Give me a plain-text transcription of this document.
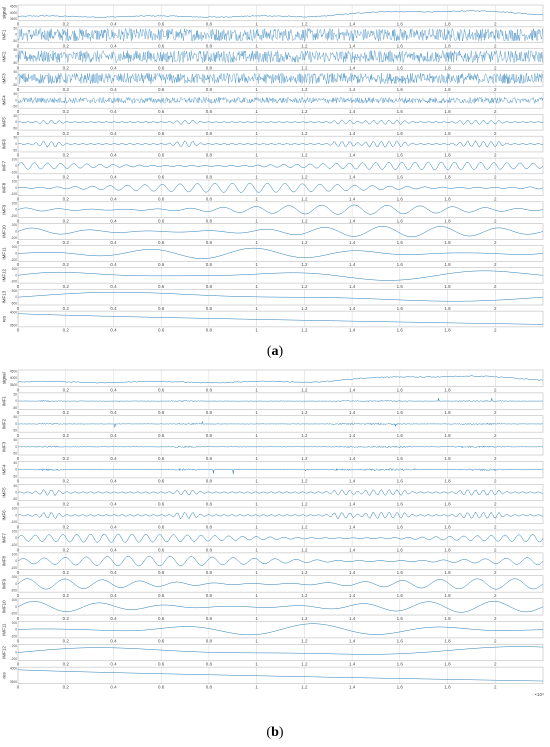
signal
4500
4000
3500
0	0.2	0.4	0.6	0.8	1	1.2	1.4	1.6	1.8	2
IMF1
50
0
-50
0	0.2	0.4	0.6	0.8	1	1.2	1.4	1.6	1.8	2
IMF2
50
0
-50
0	0.2	0.4	0.6	0.8	1	1.2	1.4	1.6	1.8	2
IMF3
50
0
-50
0	0.2	0.4	0.6	0.8	1	1.2	1.4	1.6	1.8	2
IMF4
50
0
-50
0	0.2	0.4	0.6	0.8	1	1.2	1.4	1.6	1.8	2
IMF5
50
0
-50
0	0.2	0.4	0.6	0.8	1	1.2	1.4	1.6	1.8	2
IMF6
50
0
-50
0	0.2	0.4	0.6	0.8	1	1.2	1.4	1.6	1.8	2
IMF7
100
0
-100
0	0.2	0.4	0.6	0.8	1	1.2	1.4	1.6	1.8	2
IMF8
100
0
-100
0	0.2	0.4	0.6	0.8	1	1.2	1.4	1.6	1.8	2
IMF9
200
0
-200
0	0.2	0.4	0.6	0.8	1	1.2	1.4	1.6	1.8	2
IMF10 200
0
-200
0	0.2	0.4	0.6	0.8	1	1.2	1.4	1.6	1.8	2
IMF11
200
0
-200
0	0.2	0.4	0.6	0.8	1	1.2	1.4	1.6	1.8	2
IMF12 200
0
-200
0	0.2	0.4	0.6	0.8	1	1.2	1.4	1.6	1.8	2
IMF13 500
0
-500
0	0.2	0.4	0.6	0.8	1	1.2	1.4	1.6	1.8	2
res
4000
3500
0	0.2	0.4	0.6	0.8	1	1.2	1.4	1.6	1.8	2
signal
4500
4000
3500
0	0.2	0.4	0.6	0.8	1	1.2	1.4	1.6	1.8	2
IMF1
50
0
-50
0	0.2	0.4	0.6	0.8	1	1.2	1.4	1.6	1.8	2
IMF2
50
0
-50
0	0.2	0.4	0.6	0.8	1	1.2	1.4	1.6	1.8	2
IMF3
50
0
-50
0	0.2	0.4	0.6	0.8	1	1.2	1.4	1.6	1.8	2
IMF4
50
0
-50
0	0.2	0.4	0.6	0.8	1	1.2	1.4	1.6	1.8	2
IMF5
50
0
-50
0	0.2	0.4	0.6	0.8	1	1.2	1.4	1.6	1.8	2
IMF6
100
0
-100
0	0.2	0.4	0.6	0.8	1	1.2	1.4	1.6	1.8	2
IMF7
100
0
-100
0	0.2	0.4	0.6	0.8	1	1.2	1.4	1.6	1.8	2
IMF8
100
0
-100
0	0.2	0.4	0.6	0.8	1	1.2	1.4	1.6	1.8	2
IMF9
200
0
-200
0	0.2	0.4	0.6	0.8	1	1.2	1.4	1.6	1.8	2
IMF10
200
0
-200
0	0.2	0.4	0.6	0.8	1	1.2	1.4	1.6	1.8	2
IMF11
200
0
-200
0	0.2	0.4	0.6	0.8	1	1.2	1.4	1.6	1.8	2
IMF12
200
0
-200
0	0.2	0.4	0.6	0.8	1	1.2	1.4	1.6	1.8	2
res
4000
3500
0	0.2	0.4	0.6	0.8	1	1.2	1.4	1.6	1.8	2
×10⁴
(a)
(b)
